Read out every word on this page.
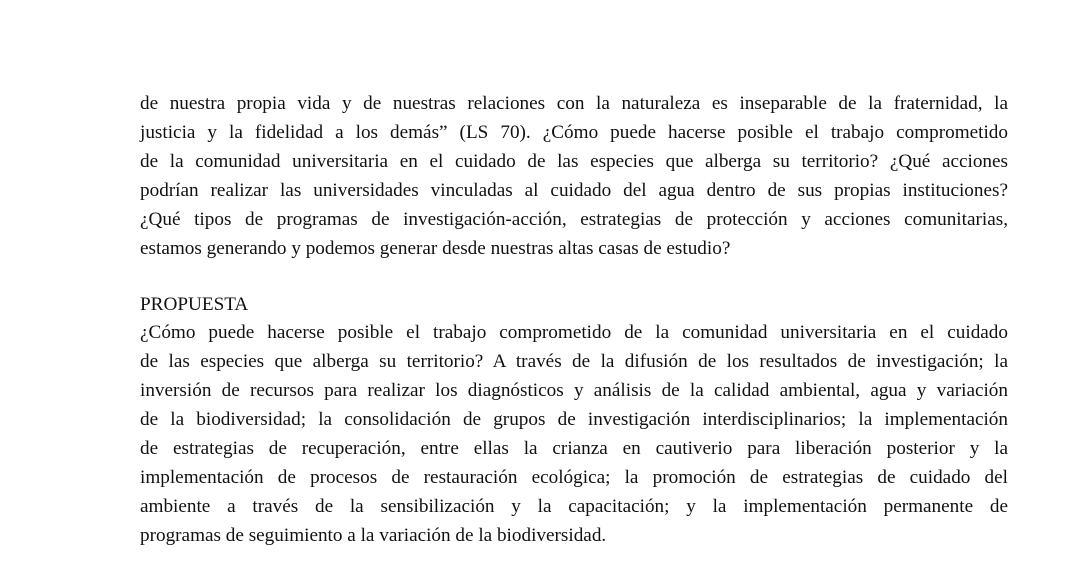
de nuestra propia vida y de nuestras relaciones con la naturaleza es inseparable de la fraternidad, la
justicia y la fidelidad a los demás” (LS 70). ¿Cómo puede hacerse posible el trabajo comprometido
de la comunidad universitaria en el cuidado de las especies que alberga su territorio? ¿Qué acciones
podrían realizar las universidades vinculadas al cuidado del agua dentro de sus propias instituciones?
¿Qué tipos de programas de investigación-acción, estrategias de protección y acciones comunitarias,
estamos generando y podemos generar desde nuestras altas casas de estudio?
PROPUESTA
¿Cómo puede hacerse posible el trabajo comprometido de la comunidad universitaria en el cuidado
de las especies que alberga su territorio? A través de la difusión de los resultados de investigación; la
inversión de recursos para realizar los diagnósticos y análisis de la calidad ambiental, agua y variación
de la biodiversidad; la consolidación de grupos de investigación interdisciplinarios; la implementación
de estrategias de recuperación, entre ellas la crianza en cautiverio para liberación posterior y la
implementación de procesos de restauración ecológica; la promoción de estrategias de cuidado del
ambiente a través de la sensibilización y la capacitación; y la implementación permanente de
programas de seguimiento a la variación de la biodiversidad.
